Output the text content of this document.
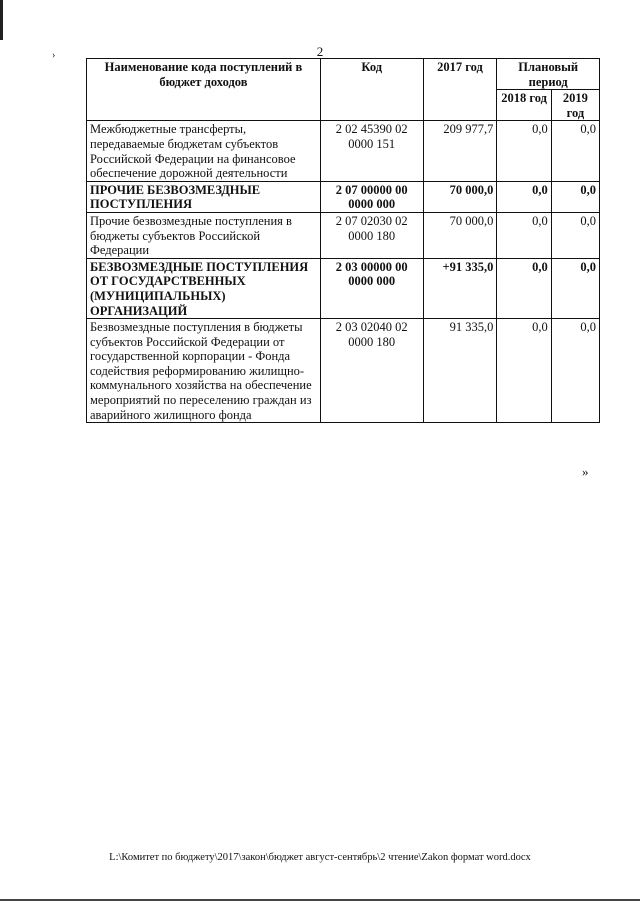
›	2
Наименование кода поступлений в бюджет доходов	Код	2017 год	Плановый период	
			2018 год	2019 год
Межбюджетные трансферты, передаваемые бюджетам субъектов Российской Федерации на финансовое обеспечение дорожной деятельности	2 02 45390 02 0000 151	209 977,7	0,0	0,0
ПРОЧИЕ БЕЗВОЗМЕЗДНЫЕ ПОСТУПЛЕНИЯ	2 07 00000 00 0000 000	70 000,0	0,0	0,0
Прочие безвозмездные поступления в бюджеты субъектов Российской Федерации	2 07 02030 02 0000 180	70 000,0	0,0	0,0
БЕЗВОЗМЕЗДНЫЕ ПОСТУПЛЕНИЯ ОТ ГОСУДАРСТВЕННЫХ (МУНИЦИПАЛЬНЫХ) ОРГАНИЗАЦИЙ	2 03 00000 00 0000 000	+91 335,0	0,0	0,0
Безвозмездные поступления в бюджеты субъектов Российской Федерации от государственной корпорации - Фонда содействия реформированию жилищно-коммунального хозяйства на обеспечение мероприятий по переселению граждан из аварийного жилищного фонда	2 03 02040 02 0000 180	91 335,0	0,0	0,0
»
L:\Комитет по бюджету\2017\закон\бюджет август-сентябрь\2 чтение\Zakon формат word.docx
